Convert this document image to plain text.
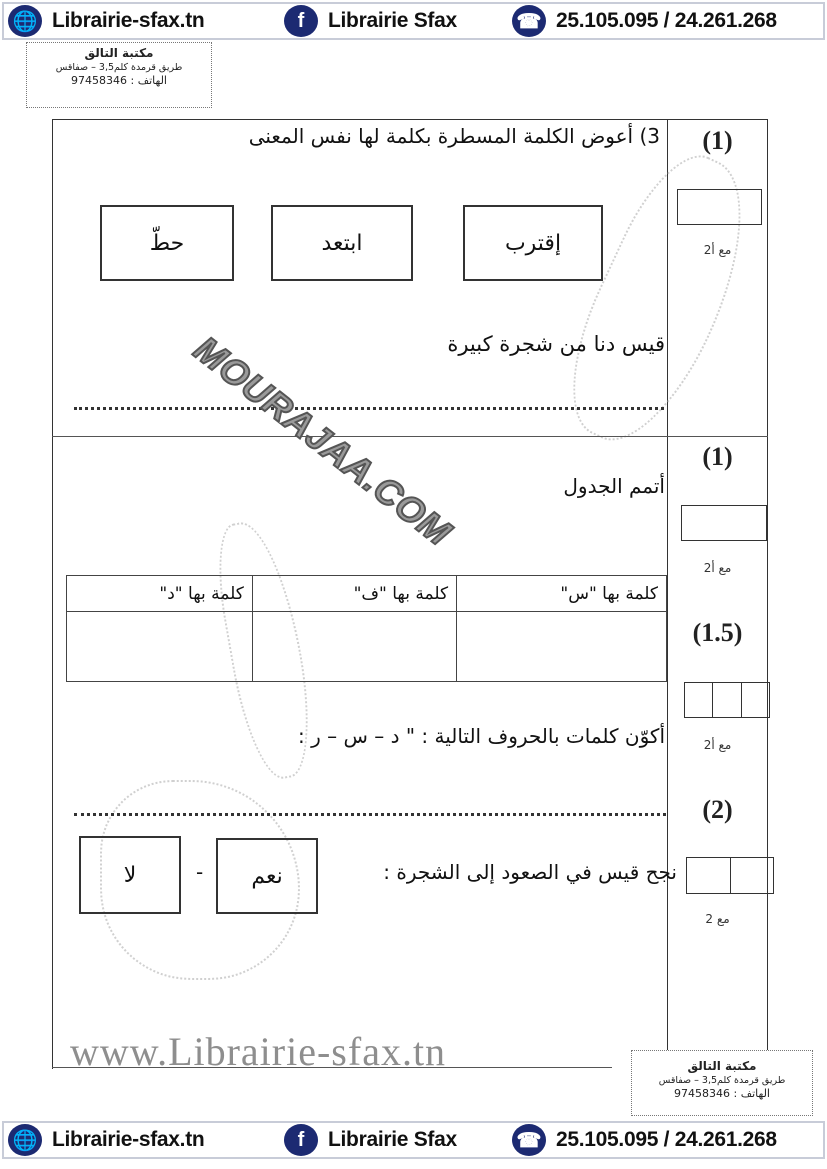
🌐 Librairie-sfax.tn	f	Librairie Sfax	☎ 25.105.095 / 24.261.268
مكتبة التالق
طريق قرمدة كلم3,5 – صفاقس
الهاتف : 97458346
3) أعوض الكلمة المسطرة بكلمة لها نفس المعنى
حطّ	ابتعد	إقترب
قيس دنا من شجرة كبيرة
أتمم الجدول
كلمة بها "س"	كلمة بها "ف"	كلمة بها "د"

أكوّن كلمات بالحروف التالية : " د – س – ر :
نجح قيس في الصعود إلى الشجرة :
نعم
-
لا
(1)
مع أ2
(1)
مع أ2
(1.5)
مع أ2
(2)
مع 2
MOURAJAA.COM
www.Librairie-sfax.tn	مكتبة التالق
طريق قرمدة كلم3,5 – صفاقس
الهاتف : 97458346
🌐 Librairie-sfax.tn	f	Librairie Sfax	☎ 25.105.095 / 24.261.268
